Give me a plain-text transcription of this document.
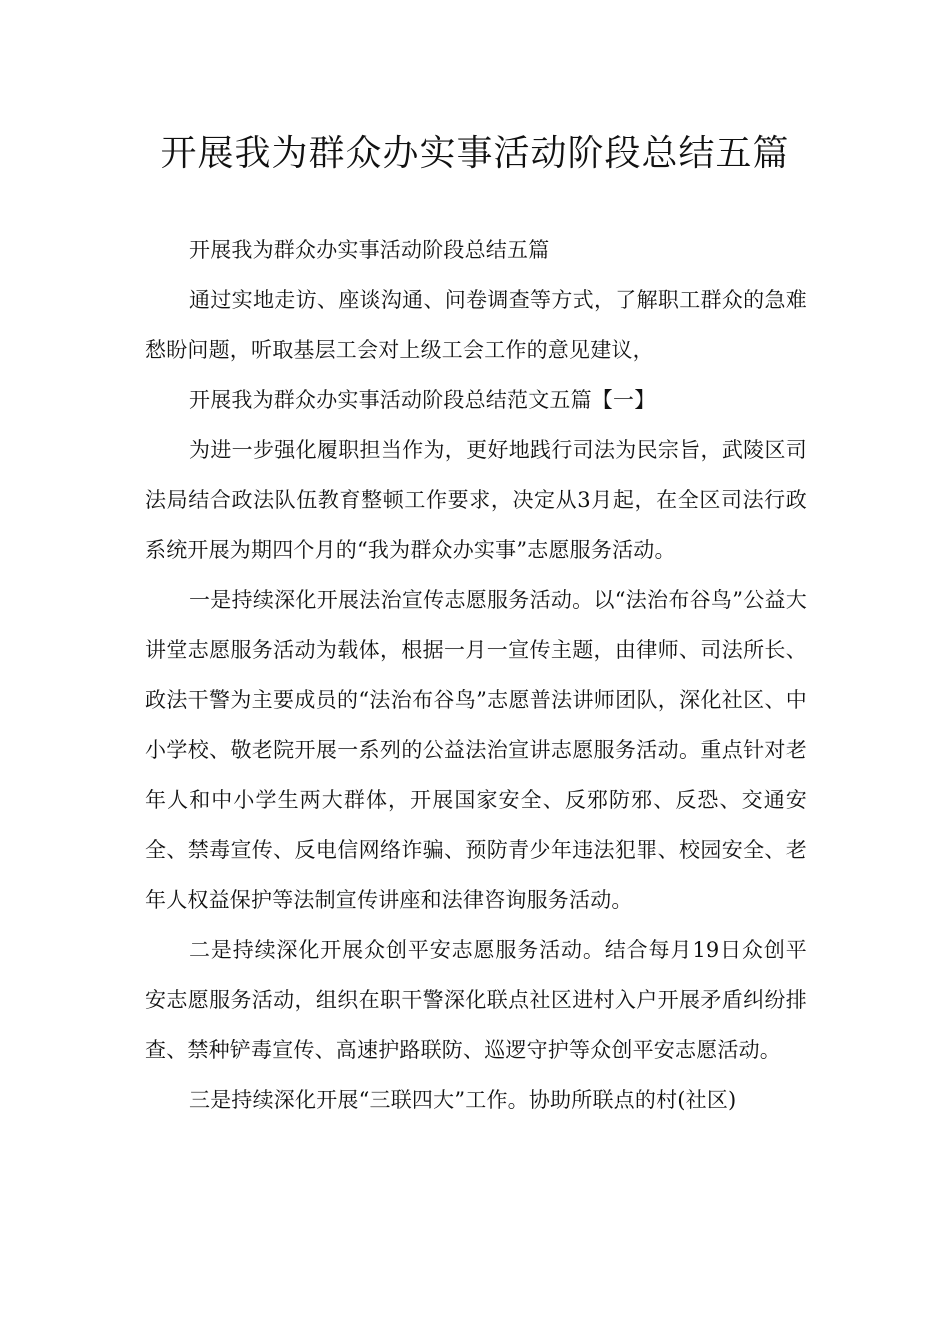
开展我为群众办实事活动阶段总结五篇

开展我为群众办实事活动阶段总结五篇

通过实地走访、座谈沟通、问卷调查等方式，了解职工群众的急难愁盼问题，听取基层工会对上级工会工作的意见建议，

开展我为群众办实事活动阶段总结范文五篇【一】

为进一步强化履职担当作为，更好地践行司法为民宗旨，武陵区司法局结合政法队伍教育整顿工作要求，决定从3月起，在全区司法行政系统开展为期四个月的“我为群众办实事”志愿服务活动。

一是持续深化开展法治宣传志愿服务活动。以“法治布谷鸟”公益大讲堂志愿服务活动为载体，根据一月一宣传主题，由律师、司法所长、政法干警为主要成员的“法治布谷鸟”志愿普法讲师团队，深化社区、中小学校、敬老院开展一系列的公益法治宣讲志愿服务活动。重点针对老年人和中小学生两大群体，开展国家安全、反邪防邪、反恐、交通安全、禁毒宣传、反电信网络诈骗、预防青少年违法犯罪、校园安全、老年人权益保护等法制宣传讲座和法律咨询服务活动。

二是持续深化开展众创平安志愿服务活动。结合每月19日众创平安志愿服务活动，组织在职干警深化联点社区进村入户开展矛盾纠纷排查、禁种铲毒宣传、高速护路联防、巡逻守护等众创平安志愿活动。

三是持续深化开展“三联四大”工作。协助所联点的村(社区)
